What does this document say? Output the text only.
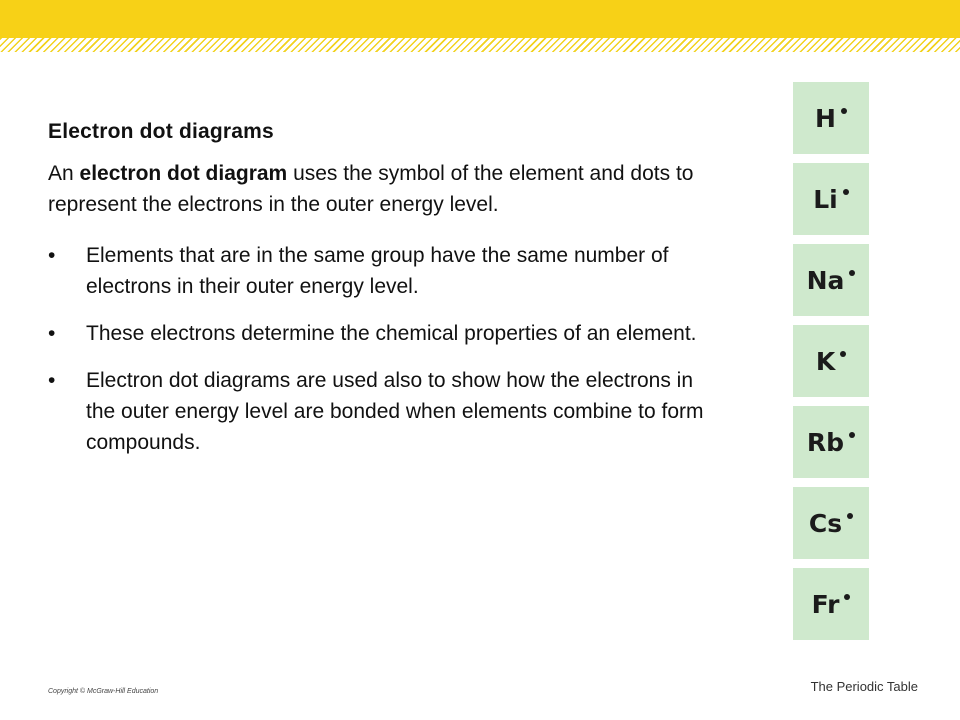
Electron dot diagrams

An electron dot diagram uses the symbol of the element and dots to represent the electrons in the outer energy level.

•	Elements that are in the same group have the same number of electrons in their outer energy level.
•	These electrons determine the chemical properties of an element.
•	Electron dot diagrams are used also to show how the electrons in the outer energy level are bonded when elements combine to form compounds.
H
Li
Na
K
Rb
Cs
Fr
Copyright © McGraw-Hill Education	The Periodic Table
